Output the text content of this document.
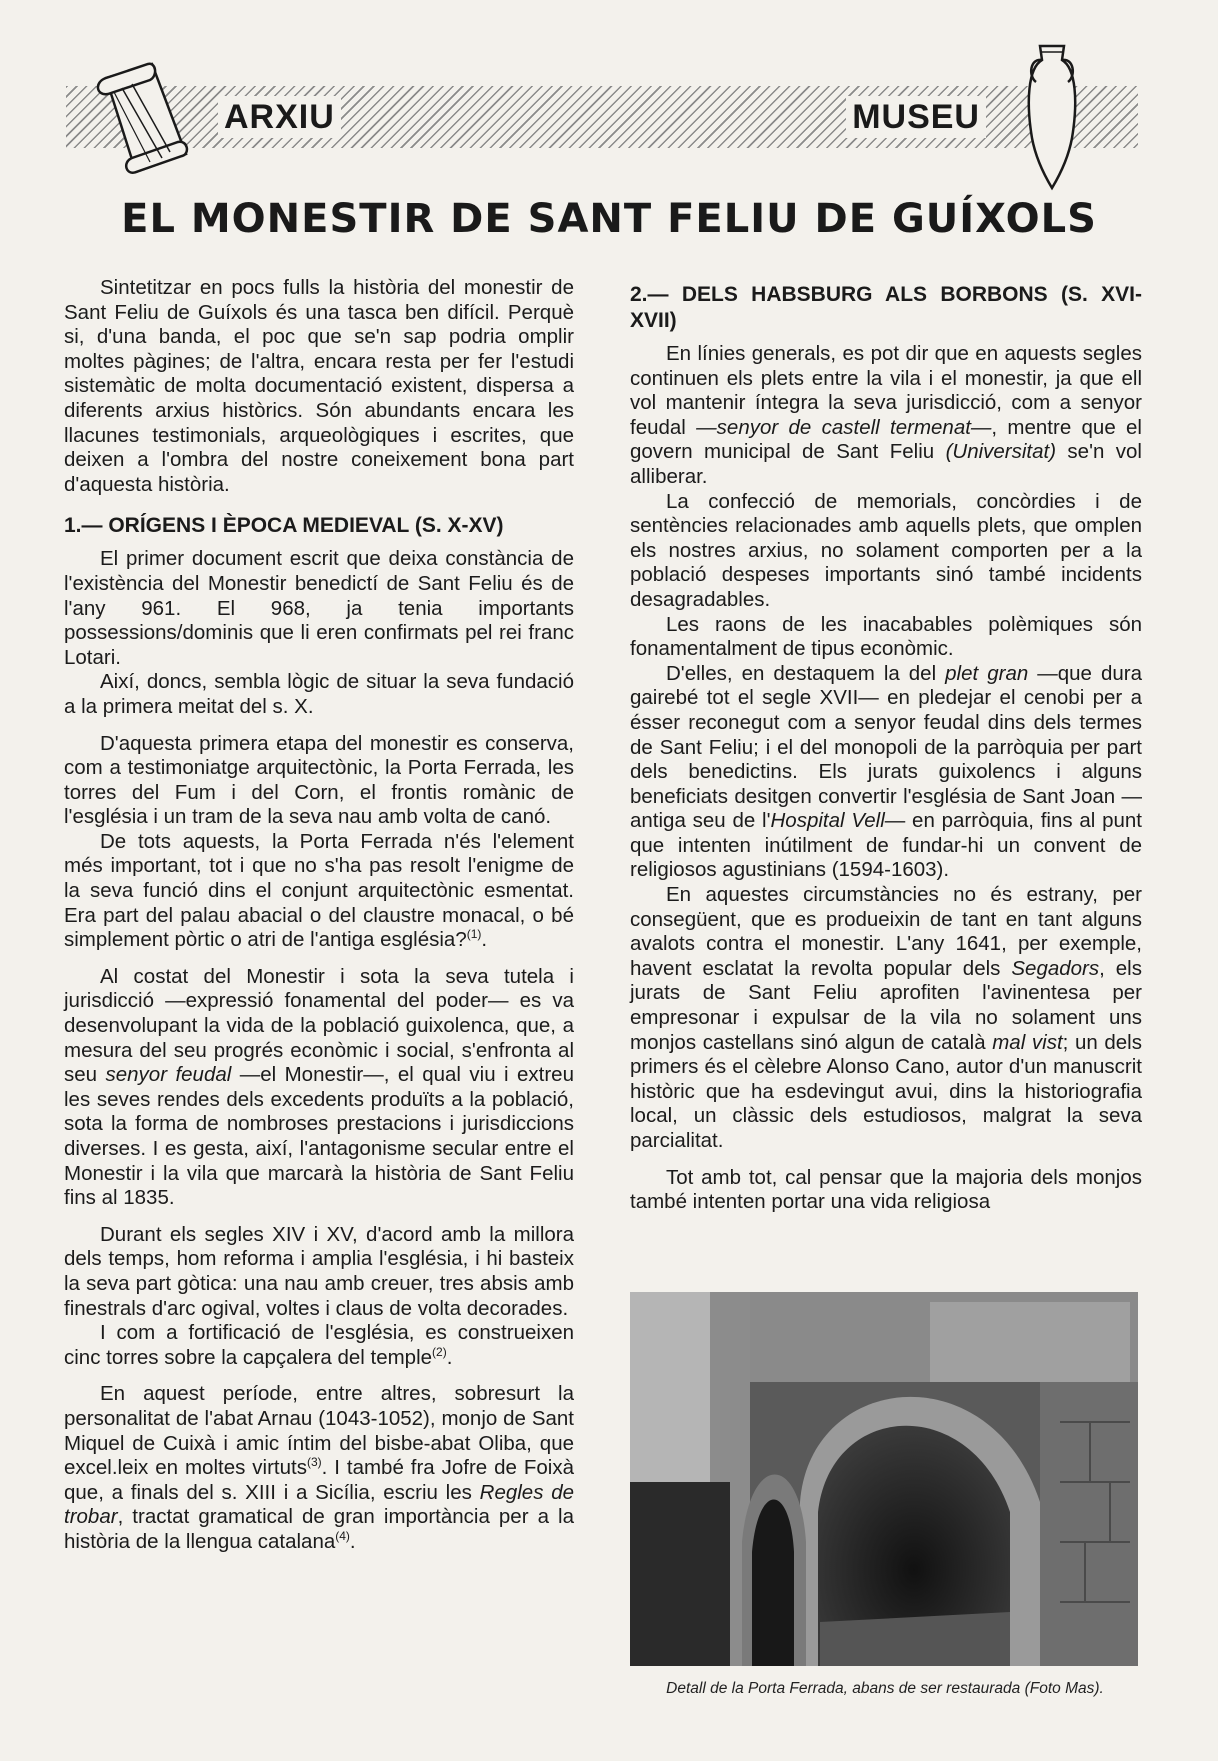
ARXIU	MUSEU
EL MONESTIR DE SANT FELIU DE GUÍXOLS

Sintetitzar en pocs fulls la història del monestir de Sant Feliu de Guíxols és una tasca ben difícil. Perquè si, d'una banda, el poc que se'n sap podria omplir moltes pàgines; de l'altra, encara resta per fer l'estudi sistemàtic de molta documentació existent, dispersa a diferents arxius històrics. Són abundants encara les llacunes testimonials, arqueològiques i escrites, que deixen a l'ombra del nostre coneixement bona part d'aquesta història.

1.— ORÍGENS I ÈPOCA MEDIEVAL (S. X-XV)

El primer document escrit que deixa constància de l'existència del Monestir benedictí de Sant Feliu és de l'any 961. El 968, ja tenia importants possessions/dominis que li eren confirmats pel rei franc Lotari.

Així, doncs, sembla lògic de situar la seva fundació a la primera meitat del s. X.

D'aquesta primera etapa del monestir es conserva, com a testimoniatge arquitectònic, la Porta Ferrada, les torres del Fum i del Corn, el frontis romànic de l'església i un tram de la seva nau amb volta de canó.

De tots aquests, la Porta Ferrada n'és l'element més important, tot i que no s'ha pas resolt l'enigme de la seva funció dins el conjunt arquitectònic esmentat. Era part del palau abacial o del claustre monacal, o bé simplement pòrtic o atri de l'antiga església?$^{(1)}$.

Al costat del Monestir i sota la seva tutela i jurisdicció —expressió fonamental del poder— es va desenvolupant la vida de la població guixolenca, que, a mesura del seu progrés econòmic i social, s'enfronta al seu senyor feudal —el Monestir—, el qual viu i extreu les seves rendes dels excedents produïts a la població, sota la forma de nombroses prestacions i jurisdiccions diverses. I es gesta, així, l'antagonisme secular entre el Monestir i la vila que marcarà la història de Sant Feliu fins al 1835.

Durant els segles XIV i XV, d'acord amb la millora dels temps, hom reforma i amplia l'església, i hi basteix la seva part gòtica: una nau amb creuer, tres absis amb finestrals d'arc ogival, voltes i claus de volta decorades.

I com a fortificació de l'església, es construeixen cinc torres sobre la capçalera del temple$^{(2)}$.

En aquest període, entre altres, sobresurt la personalitat de l'abat Arnau (1043-1052), monjo de Sant Miquel de Cuixà i amic íntim del bisbe-abat Oliba, que excel.leix en moltes virtuts$^{(3)}$. I també fra Jofre de Foixà que, a finals del s. XIII i a Sicília, escriu les Regles de trobar, tractat gramatical de gran importància per a la història de la llengua catalana$^{(4)}$.

2.— DELS HABSBURG ALS BORBONS (S. XVI-XVII)

En línies generals, es pot dir que en aquests segles continuen els plets entre la vila i el monestir, ja que ell vol mantenir íntegra la seva jurisdicció, com a senyor feudal —senyor de castell termenat—, mentre que el govern municipal de Sant Feliu (Universitat) se'n vol alliberar.

La confecció de memorials, concòrdies i de sentències relacionades amb aquells plets, que omplen els nostres arxius, no solament comporten per a la població despeses importants sinó també incidents desagradables.

Les raons de les inacabables polèmiques són fonamentalment de tipus econòmic.

D'elles, en destaquem la del plet gran —que dura gairebé tot el segle XVII— en pledejar el cenobi per a ésser reconegut com a senyor feudal dins dels termes de Sant Feliu; i el del monopoli de la parròquia per part dels benedictins. Els jurats guixolencs i alguns beneficiats desitgen convertir l'església de Sant Joan —antiga seu de l'Hospital Vell— en parròquia, fins al punt que intenten inútilment de fundar-hi un convent de religiosos agustinians (1594-1603).

En aquestes circumstàncies no és estrany, per consegüent, que es produeixin de tant en tant alguns avalots contra el monestir. L'any 1641, per exemple, havent esclatat la revolta popular dels Segadors, els jurats de Sant Feliu aprofiten l'avinentesa per empresonar i expulsar de la vila no solament uns monjos castellans sinó algun de català mal vist; un dels primers és el cèlebre Alonso Cano, autor d'un manuscrit històric que ha esdevingut avui, dins la historiografia local, un clàssic dels estudiosos, malgrat la seva parcialitat.

Tot amb tot, cal pensar que la majoria dels monjos també intenten portar una vida religiosa

Detall de la Porta Ferrada, abans de ser restaurada (Foto Mas).
